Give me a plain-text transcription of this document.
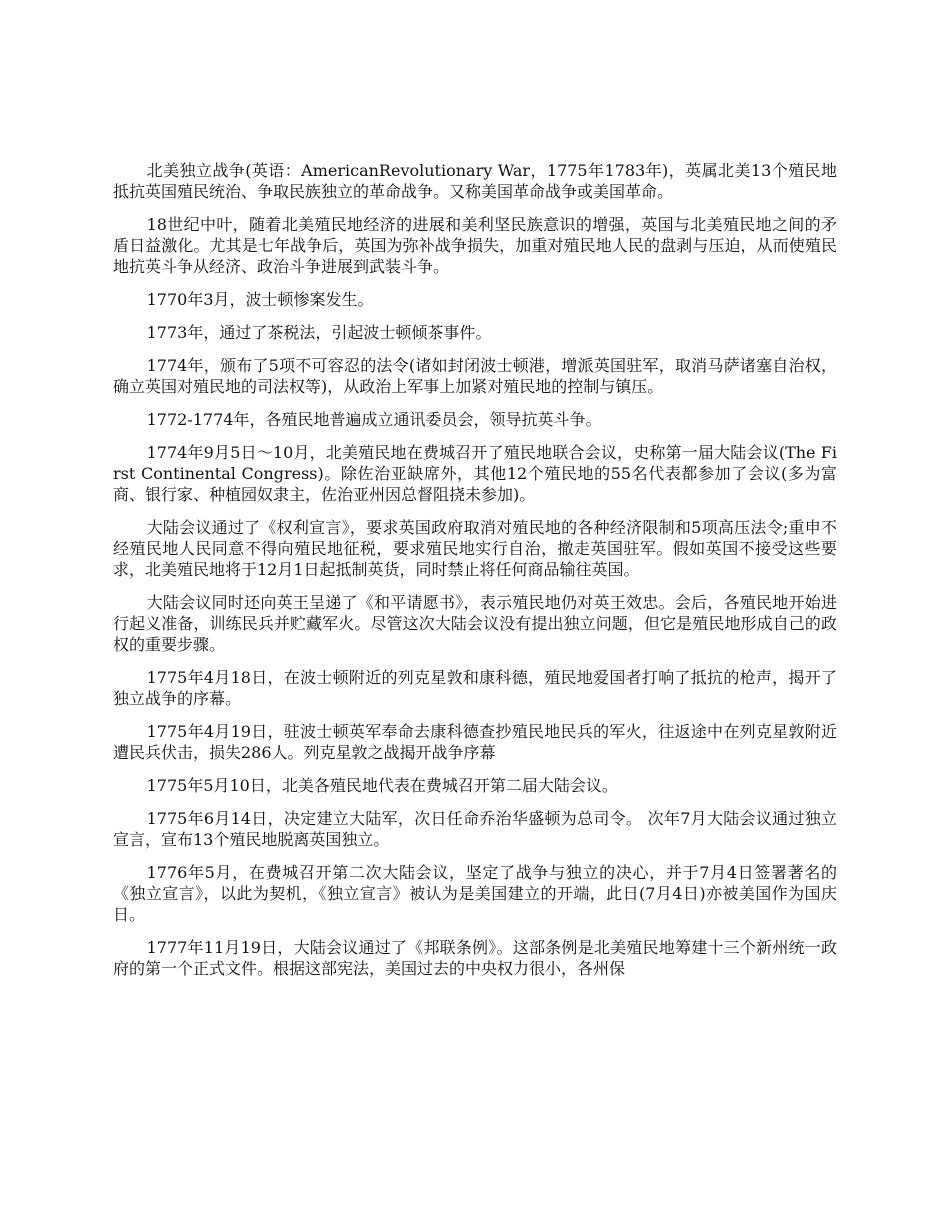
北美独立战争(英语：AmericanRevolutionary War，1775年1783年)，英属北美13个殖民地抵抗英国殖民统治、争取民族独立的革命战争。又称美国革命战争或美国革命。

18世纪中叶，随着北美殖民地经济的进展和美利坚民族意识的增强，英国与北美殖民地之间的矛盾日益激化。尤其是七年战争后，英国为弥补战争损失，加重对殖民地人民的盘剥与压迫，从而使殖民地抗英斗争从经济、政治斗争进展到武装斗争。

1770年3月，波士顿惨案发生。

1773年，通过了茶税法，引起波士顿倾茶事件。

1774年，颁布了5项不可容忍的法令(诸如封闭波士顿港，增派英国驻军，取消马萨诸塞自治权，确立英国对殖民地的司法权等)，从政治上军事上加紧对殖民地的控制与镇压。

1772-1774年，各殖民地普遍成立通讯委员会，领导抗英斗争。

1774年9月5日～10月，北美殖民地在费城召开了殖民地联合会议，史称第一届大陆会议(The First Continental Congress)。除佐治亚缺席外，其他12个殖民地的55名代表都参加了会议(多为富商、银行家、种植园奴隶主，佐治亚州因总督阻挠未参加)。

大陆会议通过了《权利宣言》，要求英国政府取消对殖民地的各种经济限制和5项高压法令;重申不经殖民地人民同意不得向殖民地征税，要求殖民地实行自治，撤走英国驻军。假如英国不接受这些要求，北美殖民地将于12月1日起抵制英货，同时禁止将任何商品输往英国。

大陆会议同时还向英王呈递了《和平请愿书》，表示殖民地仍对英王效忠。会后，各殖民地开始进行起义准备，训练民兵并贮藏军火。尽管这次大陆会议没有提出独立问题，但它是殖民地形成自己的政权的重要步骤。

1775年4月18日，在波士顿附近的列克星敦和康科德，殖民地爱国者打响了抵抗的枪声，揭开了独立战争的序幕。

1775年4月19日，驻波士顿英军奉命去康科德查抄殖民地民兵的军火，往返途中在列克星敦附近遭民兵伏击，损失286人。列克星敦之战揭开战争序幕

1775年5月10日，北美各殖民地代表在费城召开第二届大陆会议。

1775年6月14日，决定建立大陆军，次日任命乔治华盛顿为总司令。 次年7月大陆会议通过独立宣言，宣布13个殖民地脱离英国独立。

1776年5月，在费城召开第二次大陆会议，坚定了战争与独立的决心，并于7月4日签署著名的《独立宣言》，以此为契机，《独立宣言》被认为是美国建立的开端，此日(7月4日)亦被美国作为国庆日。

1777年11月19日，大陆会议通过了《邦联条例》。这部条例是北美殖民地筹建十三个新州统一政府的第一个正式文件。根据这部宪法，美国过去的中央权力很小，各州保
